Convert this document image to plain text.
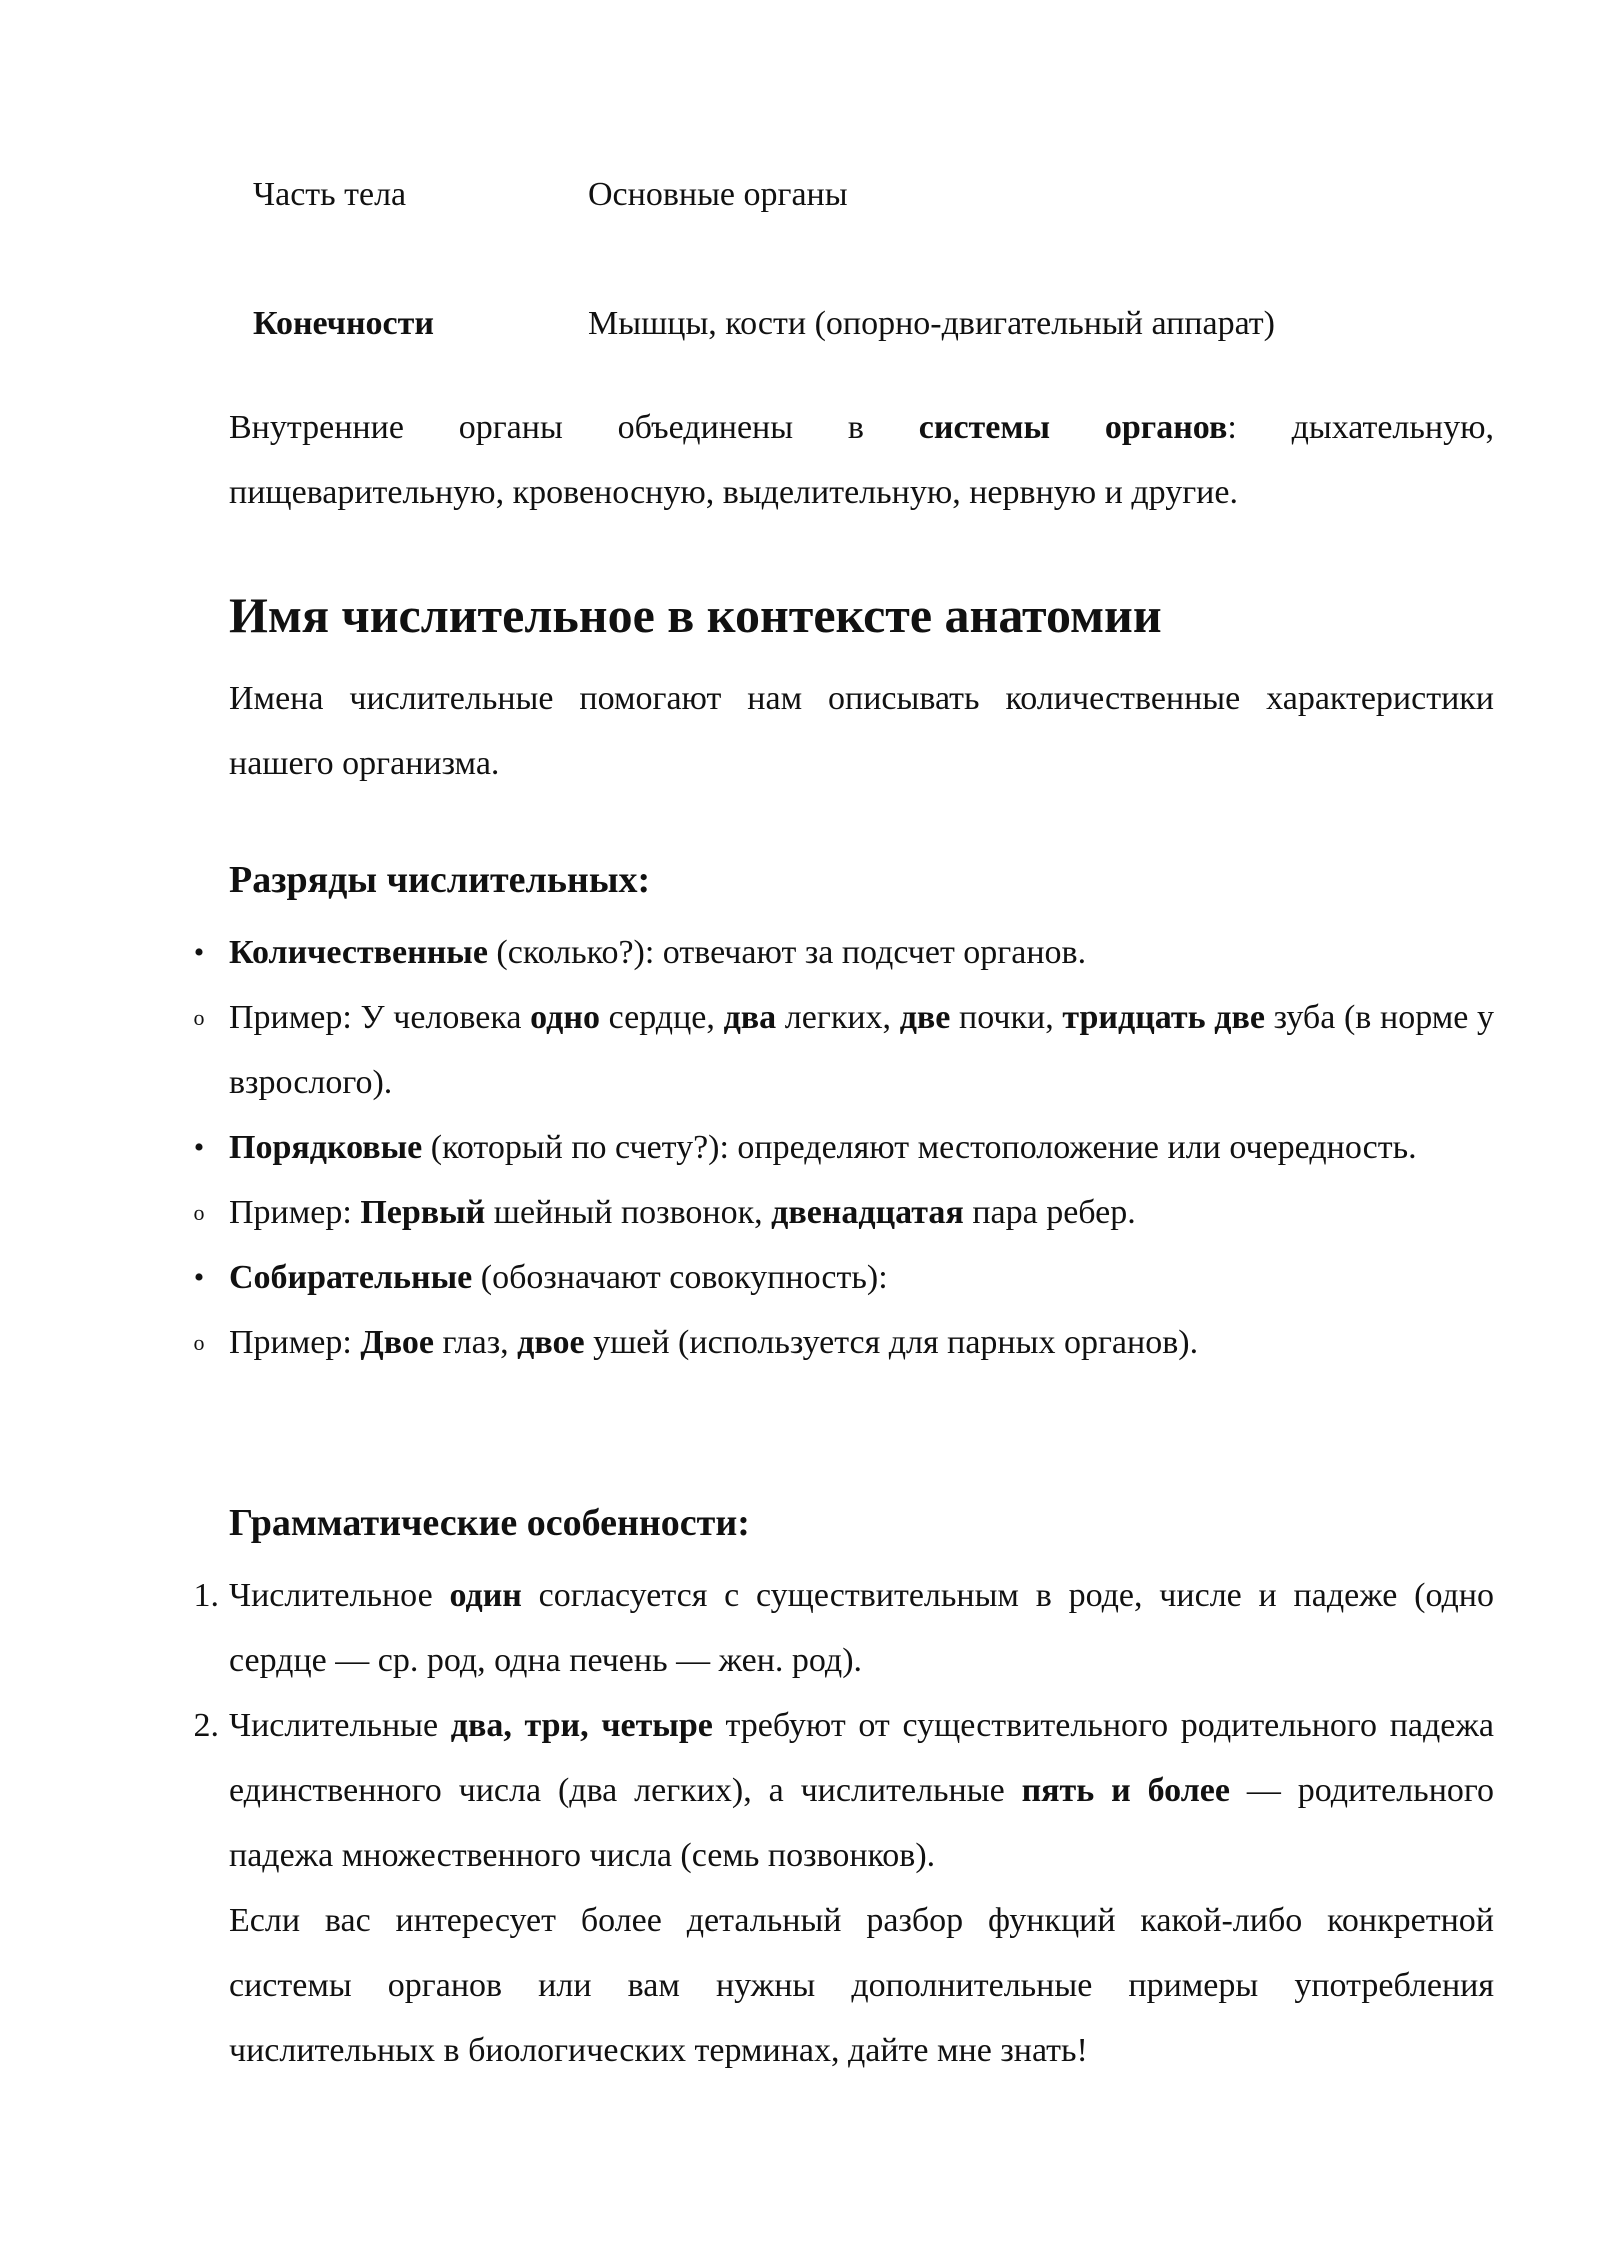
Часть тела	Основные органы
Конечности	Мышцы, кости (опорно-двигательный аппарат)

Внутренние органы объединены в системы органов: дыхательную, пищеварительную, кровеносную, выделительную, нервную и другие.

Имя числительное в контексте анатомии

Имена числительные помогают нам описывать количественные характеристики нашего организма.

Разряды числительных:
• Количественные (сколько?): отвечают за подсчет органов.
o Пример: У человека одно сердце, два легких, две почки, тридцать две зуба (в норме у взрослого).
• Порядковые (который по счету?): определяют местоположение или очередность.
o Пример: Первый шейный позвонок, двенадцатая пара ребер.
• Собирательные (обозначают совокупность):
o Пример: Двое глаз, двое ушей (используется для парных органов).
Грамматические особенности:
1. Числительное один согласуется с существительным в роде, числе и падеже (одно сердце — ср. род, одна печень — жен. род).
2. Числительные два, три, четыре требуют от существительного родительного падежа единственного числа (два легких), а числительные пять и более — родительного падежа множественного числа (семь позвонков).

Если вас интересует более детальный разбор функций какой-либо конкретной системы органов или вам нужны дополнительные примеры употребления числительных в биологических терминах, дайте мне знать!
